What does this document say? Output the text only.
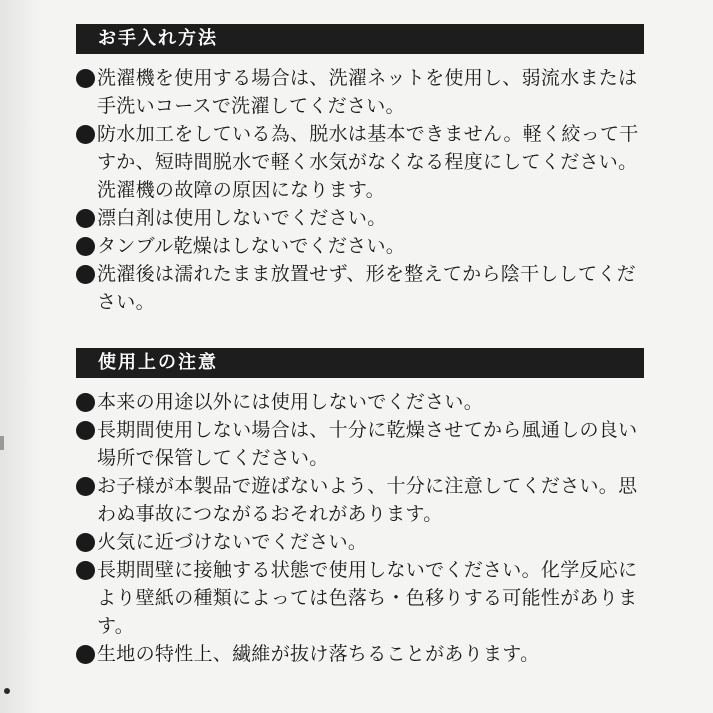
お手入れ方法
洗濯機を使用する場合は、洗濯ネットを使用し、弱流水または手洗いコースで洗濯してください。
防水加工をしている為、脱水は基本できません。軽く絞って干すか、短時間脱水で軽く水気がなくなる程度にしてください。洗濯機の故障の原因になります。
漂白剤は使用しないでください。
タンブル乾燥はしないでください。
洗濯後は濡れたまま放置せず、形を整えてから陰干ししてください。
使用上の注意
本来の用途以外には使用しないでください。
長期間使用しない場合は、十分に乾燥させてから風通しの良い場所で保管してください。
お子様が本製品で遊ばないよう、十分に注意してください。思わぬ事故につながるおそれがあります。
火気に近づけないでください。
長期間壁に接触する状態で使用しないでください。化学反応により壁紙の種類によっては色落ち・色移りする可能性があります。
生地の特性上、繊維が抜け落ちることがあります。
